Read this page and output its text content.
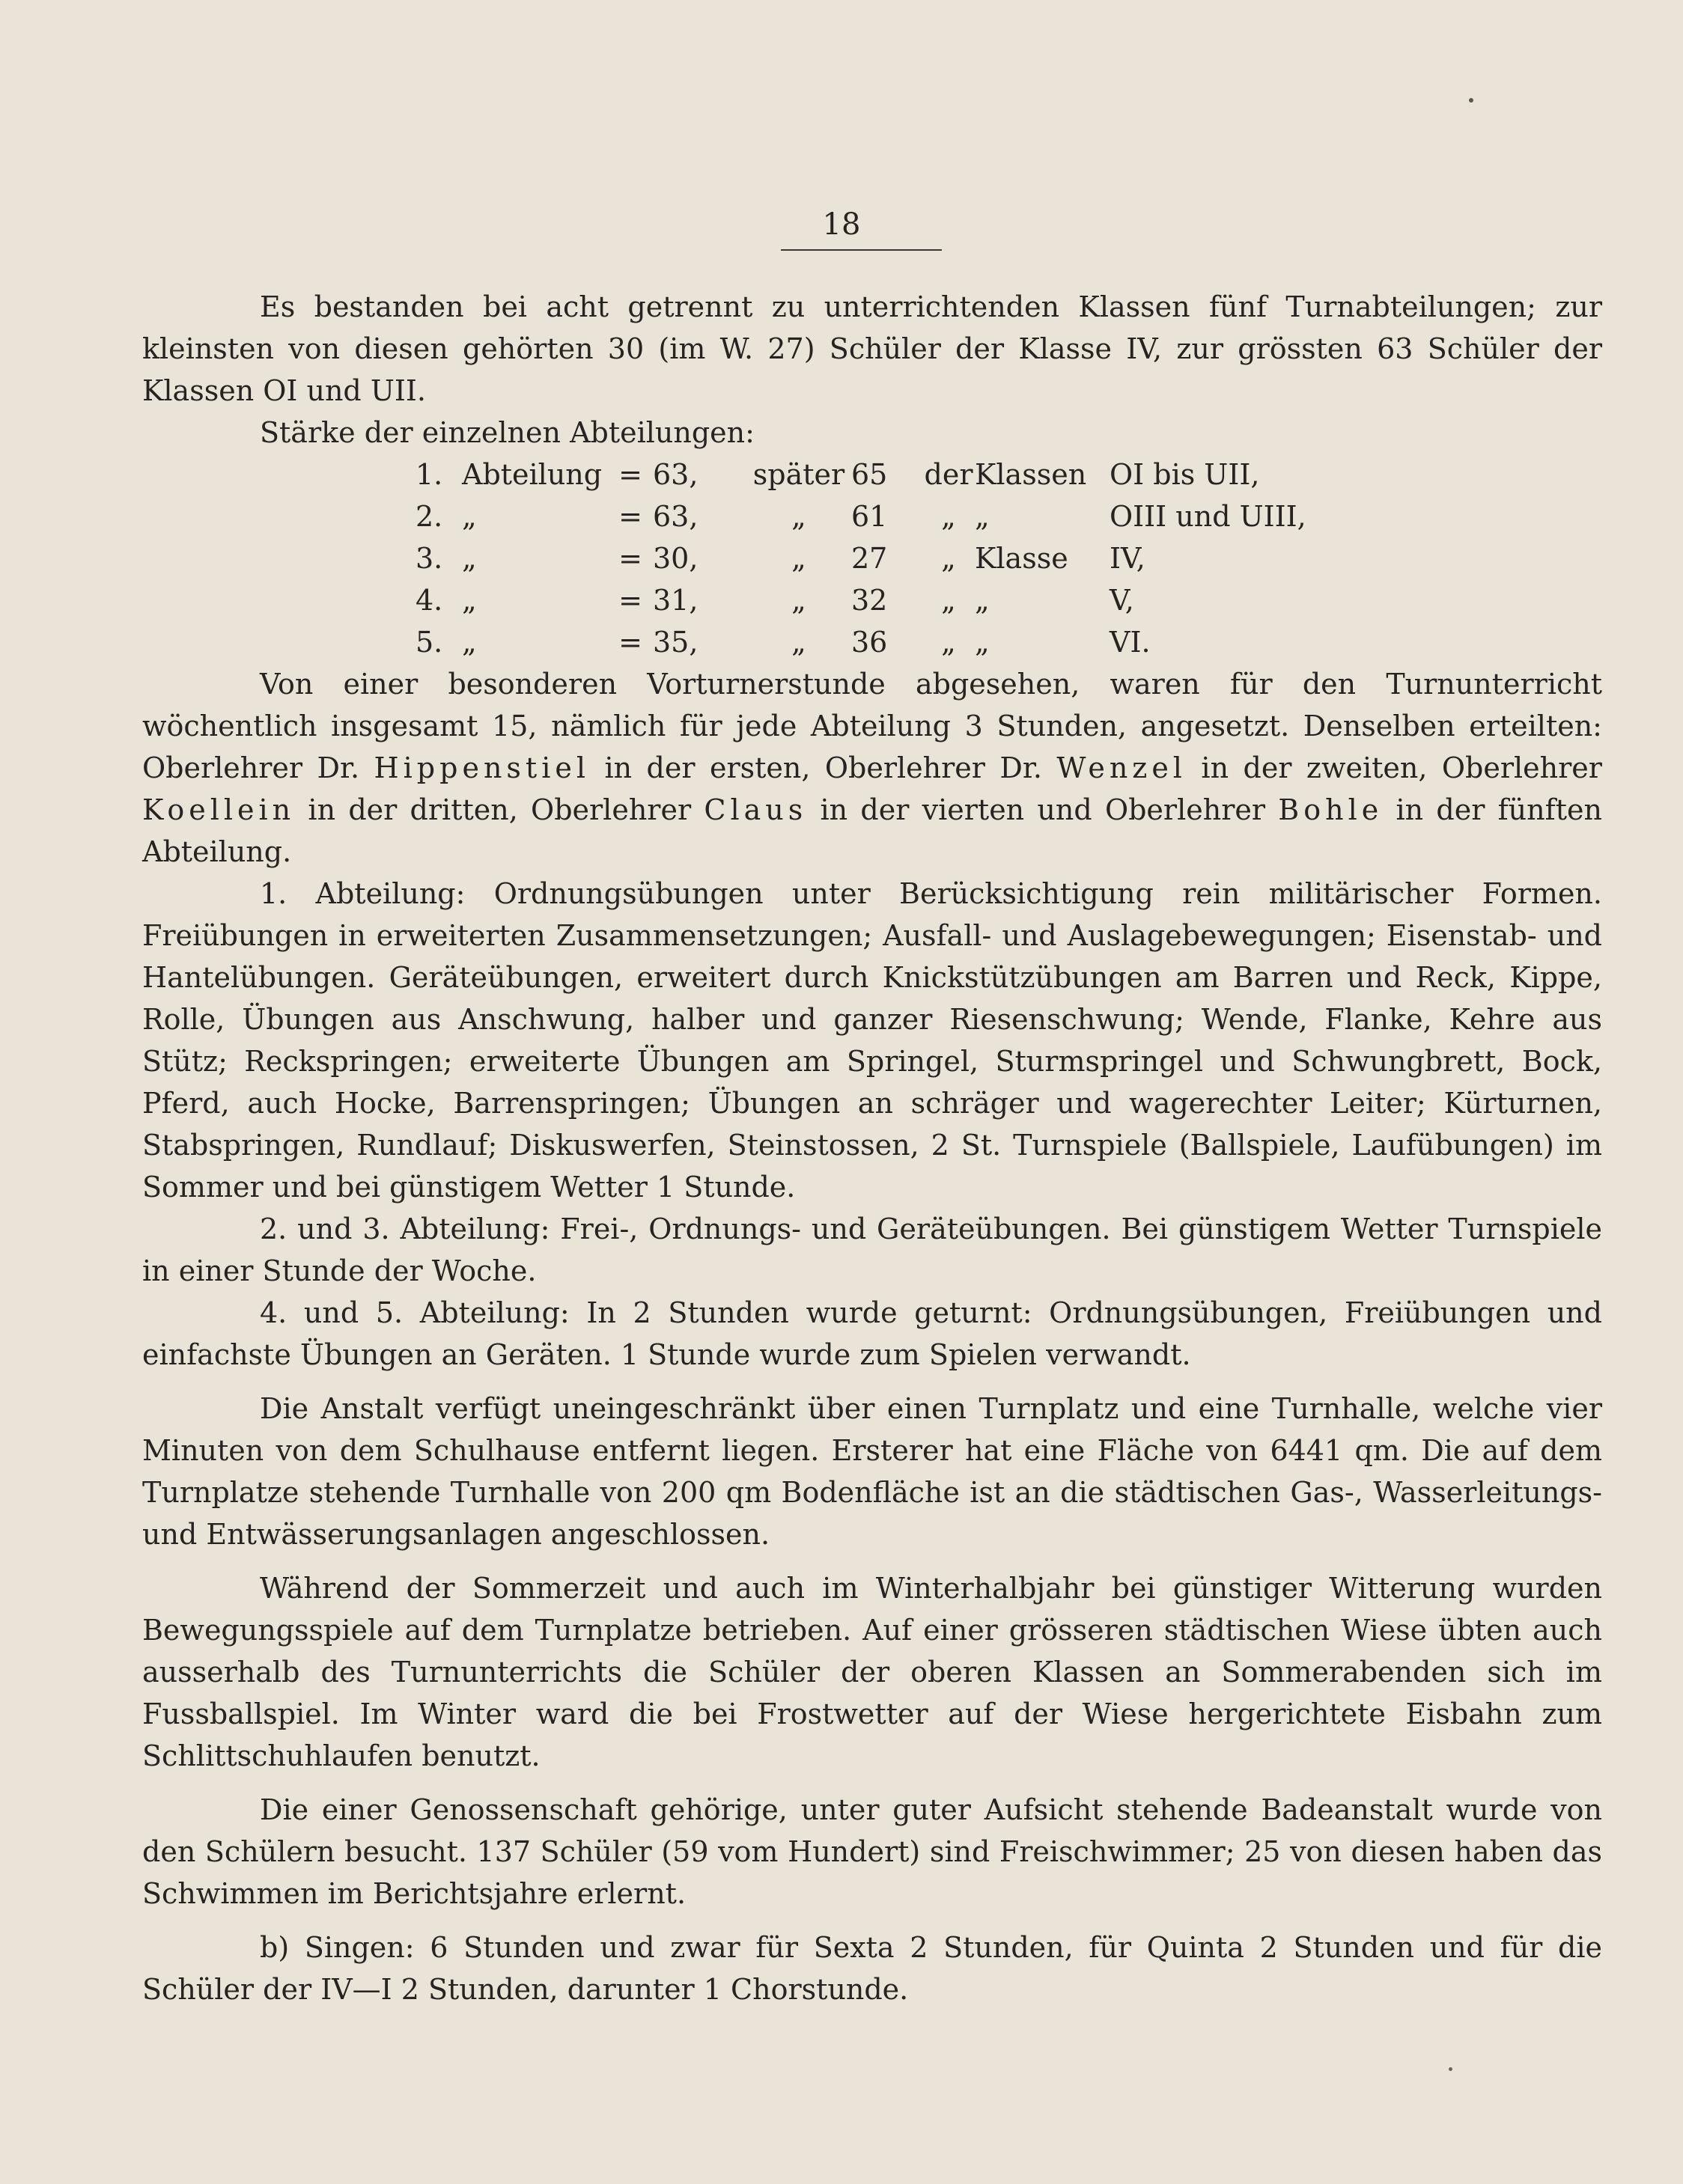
18

Es bestanden bei acht getrennt zu unterrichtenden Klassen fünf Turnabteilungen; zur kleinsten von diesen gehörten 30 (im W. 27) Schüler der Klasse IV, zur grössten 63 Schüler der Klassen OI und UII.

Stärke der einzelnen Abteilungen:

1.	Abteilung	=	63,	später	65	der	Klassen	OI bis UII,
2.	„	=	63,	„	61	„	„	OIII und UIII,
3.	„	=	30,	„	27	„	Klasse	IV,
4.	„	=	31,	„	32	„	„	V,
5.	„	=	35,	„	36	„	„	VI.

Von einer besonderen Vorturnerstunde abgesehen, waren für den Turnunterricht wöchentlich insgesamt 15, nämlich für jede Abteilung 3 Stunden, angesetzt. Denselben erteilten: Oberlehrer Dr. Hippenstiel in der ersten, Oberlehrer Dr. Wenzel in der zweiten, Oberlehrer Koellein in der dritten, Oberlehrer Claus in der vierten und Oberlehrer Bohle in der fünften Abteilung.

1. Abteilung: Ordnungsübungen unter Berücksichtigung rein militärischer Formen. Freiübungen in erweiterten Zusammensetzungen; Ausfall- und Auslagebewegungen; Eisenstab- und Hantelübungen. Geräteübungen, erweitert durch Knickstützübungen am Barren und Reck, Kippe, Rolle, Übungen aus Anschwung, halber und ganzer Riesenschwung; Wende, Flanke, Kehre aus Stütz; Reckspringen; erweiterte Übungen am Springel, Sturmspringel und Schwungbrett, Bock, Pferd, auch Hocke, Barrenspringen; Übungen an schräger und wagerechter Leiter; Kürturnen, Stabspringen, Rundlauf; Diskuswerfen, Steinstossen, 2 St. Turnspiele (Ballspiele, Laufübungen) im Sommer und bei günstigem Wetter 1 Stunde.

2. und 3. Abteilung: Frei-, Ordnungs- und Geräteübungen. Bei günstigem Wetter Turnspiele in einer Stunde der Woche.

4. und 5. Abteilung: In 2 Stunden wurde geturnt: Ordnungsübungen, Freiübungen und einfachste Übungen an Geräten. 1 Stunde wurde zum Spielen verwandt.

Die Anstalt verfügt uneingeschränkt über einen Turnplatz und eine Turnhalle, welche vier Minuten von dem Schulhause entfernt liegen. Ersterer hat eine Fläche von 6441 qm. Die auf dem Turnplatze stehende Turnhalle von 200 qm Bodenfläche ist an die städtischen Gas-, Wasserleitungs- und Entwässerungsanlagen angeschlossen.

Während der Sommerzeit und auch im Winterhalbjahr bei günstiger Witterung wurden Bewegungsspiele auf dem Turnplatze betrieben. Auf einer grösseren städtischen Wiese übten auch ausserhalb des Turnunterrichts die Schüler der oberen Klassen an Sommerabenden sich im Fussballspiel. Im Winter ward die bei Frostwetter auf der Wiese hergerichtete Eisbahn zum Schlittschuhlaufen benutzt.

Die einer Genossenschaft gehörige, unter guter Aufsicht stehende Badeanstalt wurde von den Schülern besucht. 137 Schüler (59 vom Hundert) sind Freischwimmer; 25 von diesen haben das Schwimmen im Berichtsjahre erlernt.

b) Singen: 6 Stunden und zwar für Sexta 2 Stunden, für Quinta 2 Stunden und für die Schüler der IV—I 2 Stunden, darunter 1 Chorstunde.
